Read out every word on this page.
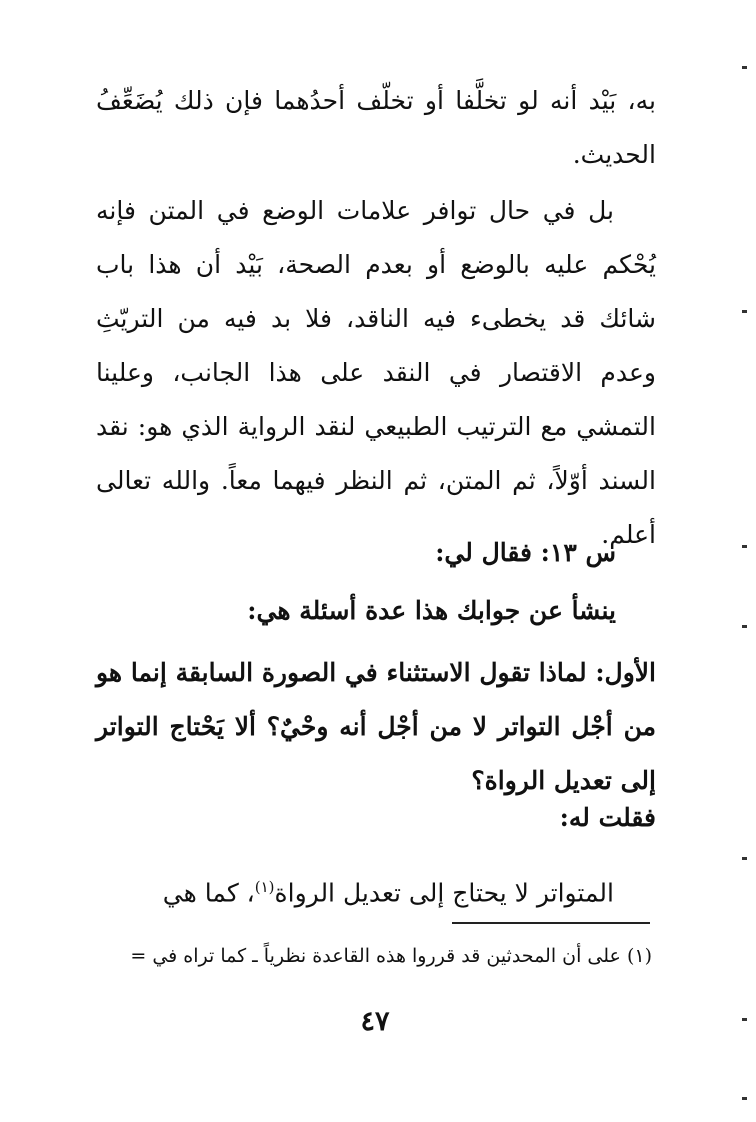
به، بَيْد أنه لو تخلَّفا أو تخلّف أحدُهما فإن ذلك يُضَعِّفُ الحديث.

بل في حال توافر علامات الوضع في المتن فإنه يُحْكم عليه بالوضع أو بعدم الصحة، بَيْد أن هذا باب شائك قد يخطىء فيه الناقد، فلا بد فيه من التريّثِ وعدم الاقتصار في النقد على هذا الجانب، وعلينا التمشي مع الترتيب الطبيعي لنقد الرواية الذي هو: نقد السند أوّلاً، ثم المتن، ثم النظر فيهما معاً. والله تعالى أعلم.

س ١٣: فقال لي:

ينشأ عن جوابك هذا عدة أسئلة هي:

الأول: لماذا تقول الاستثناء في الصورة السابقة إنما هو من أجْل التواتر لا من أجْل أنه وحْيٌ؟ ألا يَحْتاج التواتر إلى تعديل الرواة؟

فقلت له:

المتواتر لا يحتاج إلى تعديل الرواة$^{(١)}$، كما هي

(١) على أن المحدثين قد قرروا هذه القاعدة نظرياً ـ كما تراه في =

٤٧
